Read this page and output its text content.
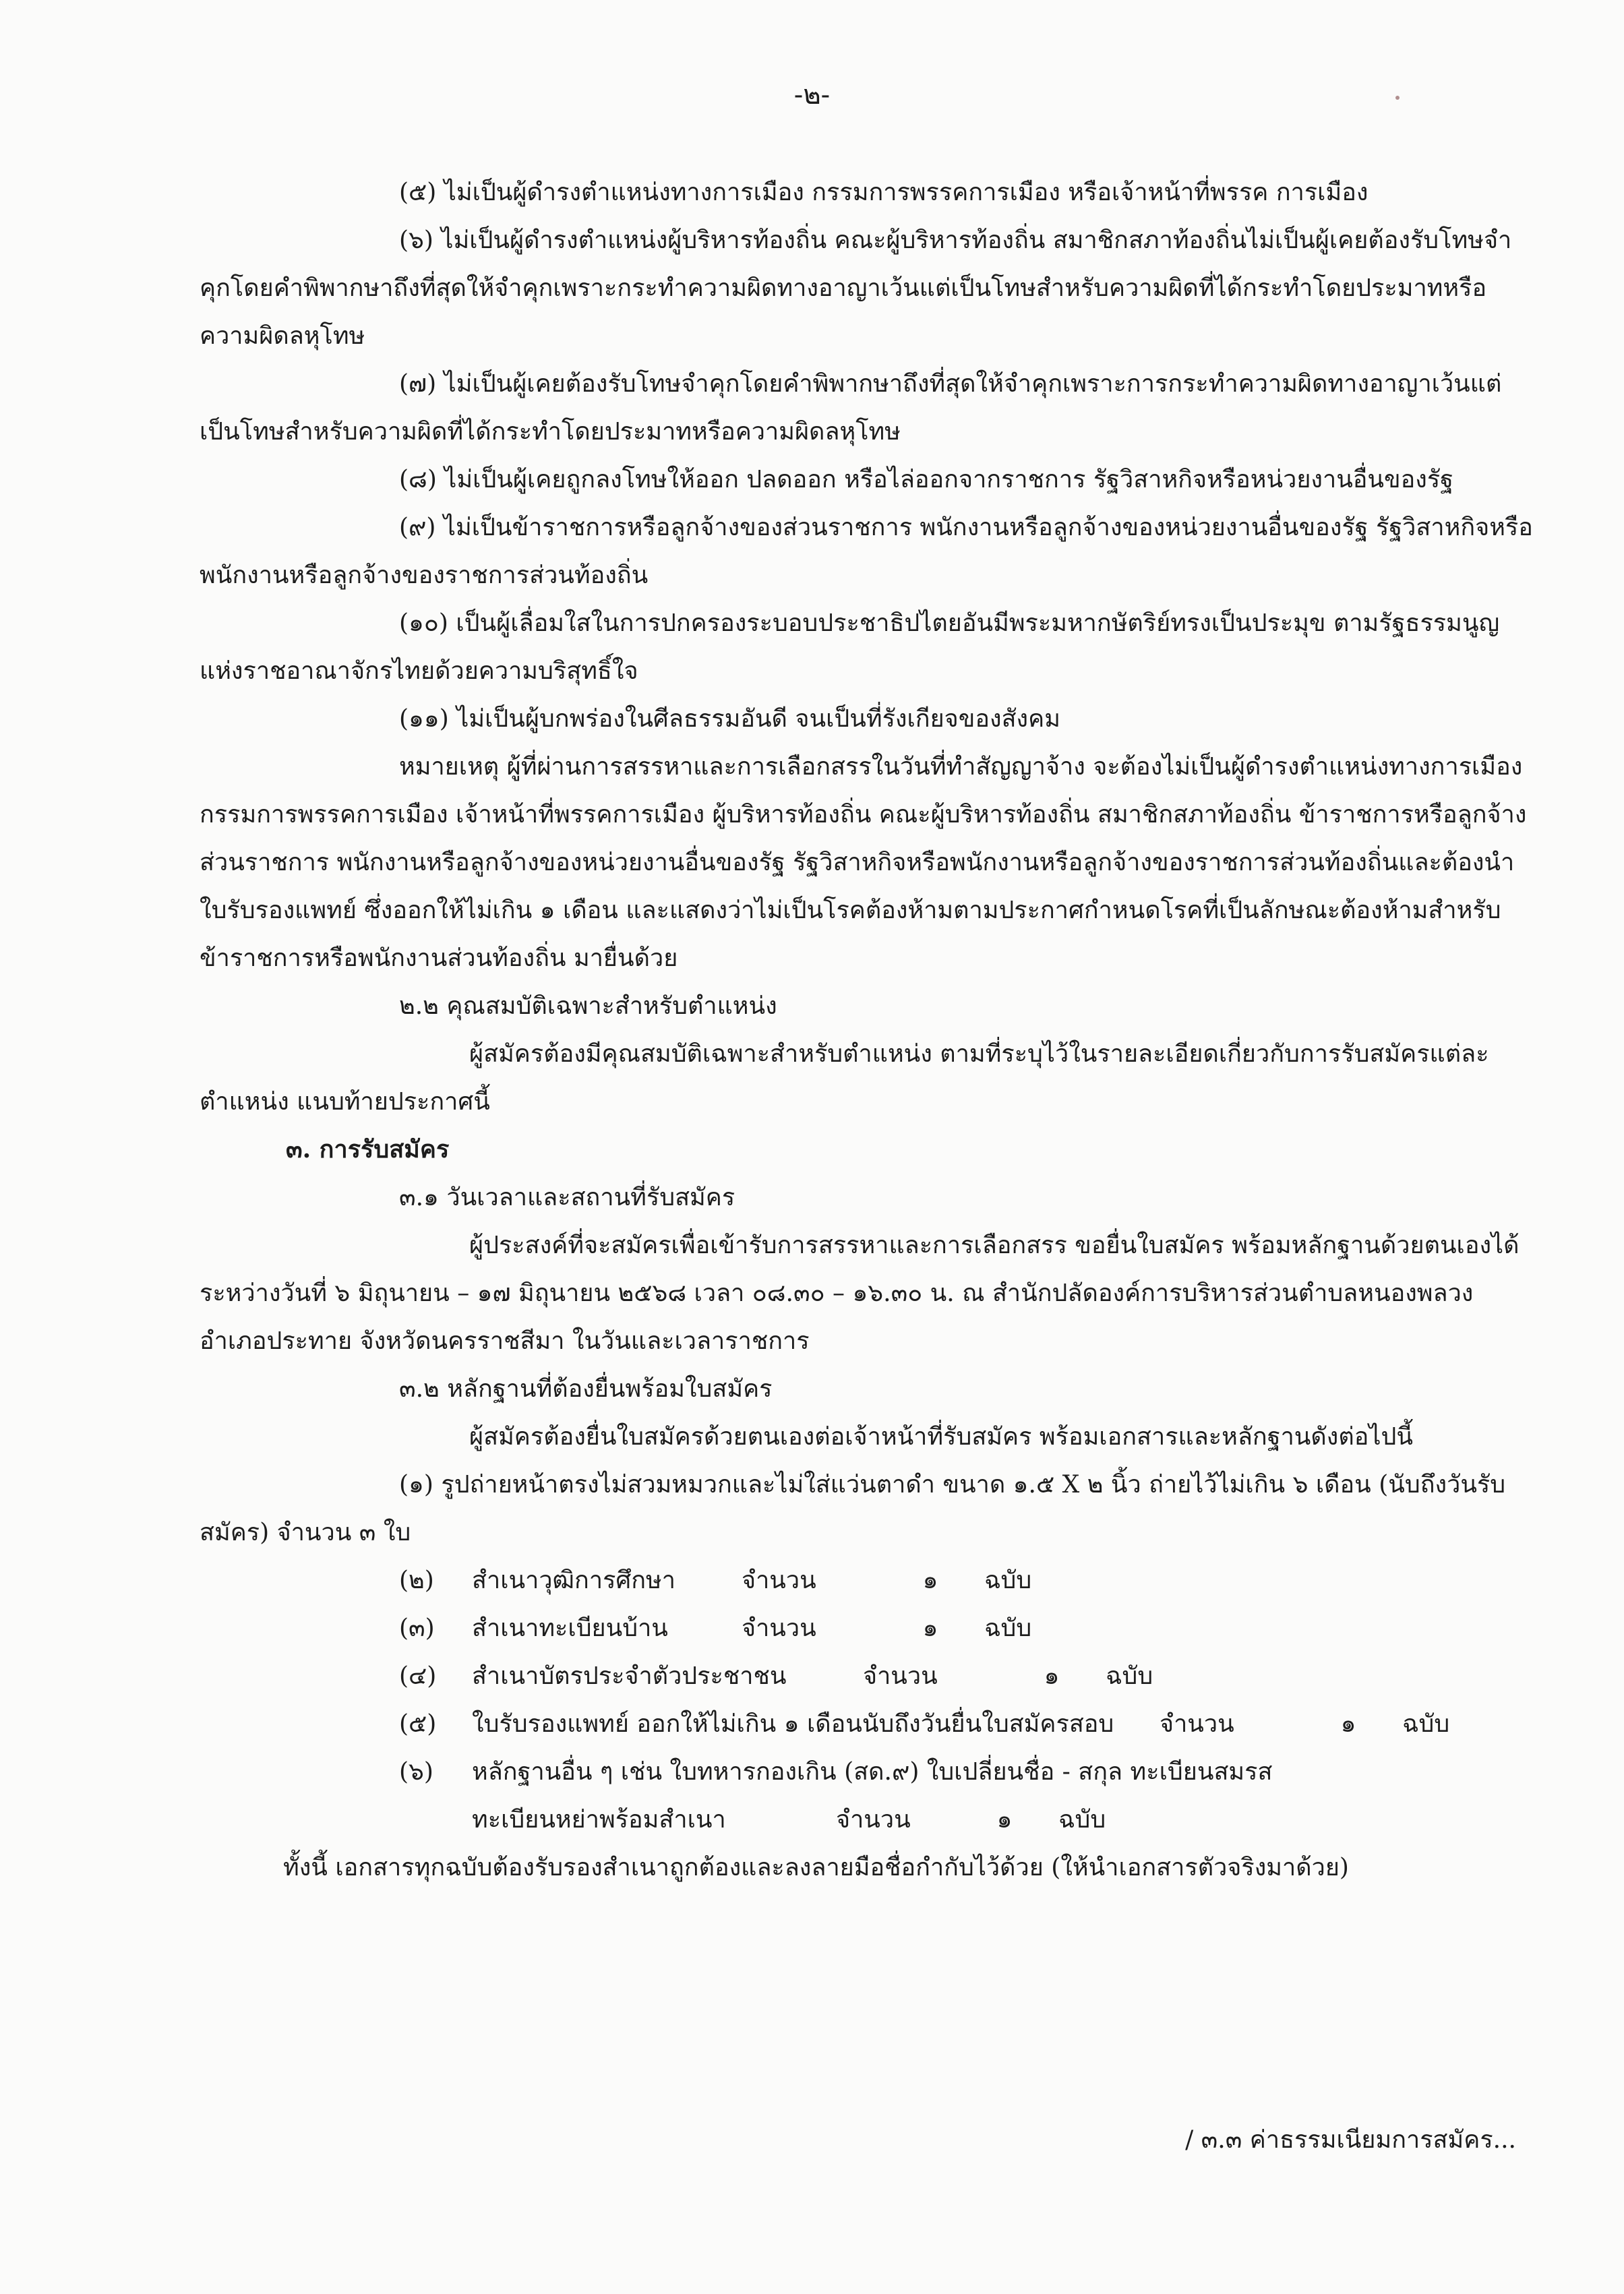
-๒-

(๕) ไม่เป็นผู้ดำรงตำแหน่งทางการเมือง กรรมการพรรคการเมือง หรือเจ้าหน้าที่พรรค การเมือง

(๖) ไม่เป็นผู้ดำรงตำแหน่งผู้บริหารท้องถิ่น คณะผู้บริหารท้องถิ่น สมาชิกสภาท้องถิ่นไม่เป็นผู้เคยต้องรับโทษจำคุกโดยคำพิพากษาถึงที่สุดให้จำคุกเพราะกระทำความผิดทางอาญาเว้นแต่เป็นโทษสำหรับความผิดที่ได้กระทำโดยประมาทหรือความผิดลหุโทษ

(๗) ไม่เป็นผู้เคยต้องรับโทษจำคุกโดยคำพิพากษาถึงที่สุดให้จำคุกเพราะการกระทำความผิดทางอาญาเว้นแต่เป็นโทษสำหรับความผิดที่ได้กระทำโดยประมาทหรือความผิดลหุโทษ

(๘) ไม่เป็นผู้เคยถูกลงโทษให้ออก ปลดออก หรือไล่ออกจากราชการ รัฐวิสาหกิจหรือหน่วยงานอื่นของรัฐ

(๙) ไม่เป็นข้าราชการหรือลูกจ้างของส่วนราชการ พนักงานหรือลูกจ้างของหน่วยงานอื่นของรัฐ รัฐวิสาหกิจหรือพนักงานหรือลูกจ้างของราชการส่วนท้องถิ่น

(๑๐) เป็นผู้เลื่อมใสในการปกครองระบอบประชาธิปไตยอันมีพระมหากษัตริย์ทรงเป็นประมุข ตามรัฐธรรมนูญแห่งราชอาณาจักรไทยด้วยความบริสุทธิ์ใจ

(๑๑) ไม่เป็นผู้บกพร่องในศีลธรรมอันดี จนเป็นที่รังเกียจของสังคม

หมายเหตุ ผู้ที่ผ่านการสรรหาและการเลือกสรรในวันที่ทำสัญญาจ้าง จะต้องไม่เป็นผู้ดำรงตำแหน่งทางการเมือง กรรมการพรรคการเมือง เจ้าหน้าที่พรรคการเมือง ผู้บริหารท้องถิ่น คณะผู้บริหารท้องถิ่น สมาชิกสภาท้องถิ่น ข้าราชการหรือลูกจ้างส่วนราชการ พนักงานหรือลูกจ้างของหน่วยงานอื่นของรัฐ รัฐวิสาหกิจหรือพนักงานหรือลูกจ้างของราชการส่วนท้องถิ่นและต้องนำใบรับรองแพทย์ ซึ่งออกให้ไม่เกิน ๑ เดือน และแสดงว่าไม่เป็นโรคต้องห้ามตามประกาศกำหนดโรคที่เป็นลักษณะต้องห้ามสำหรับข้าราชการหรือพนักงานส่วนท้องถิ่น มายื่นด้วย

๒.๒ คุณสมบัติเฉพาะสำหรับตำแหน่ง

ผู้สมัครต้องมีคุณสมบัติเฉพาะสำหรับตำแหน่ง ตามที่ระบุไว้ในรายละเอียดเกี่ยวกับการรับสมัครแต่ละตำแหน่ง แนบท้ายประกาศนี้

๓. การรับสมัคร

๓.๑ วันเวลาและสถานที่รับสมัคร

ผู้ประสงค์ที่จะสมัครเพื่อเข้ารับการสรรหาและการเลือกสรร ขอยื่นใบสมัคร พร้อมหลักฐานด้วยตนเองได้ระหว่างวันที่ ๖ มิถุนายน – ๑๗ มิถุนายน ๒๕๖๘ เวลา ๐๘.๓๐ – ๑๖.๓๐ น. ณ สำนักปลัดองค์การบริหารส่วนตำบลหนองพลวง อำเภอประทาย จังหวัดนครราชสีมา ในวันและเวลาราชการ

๓.๒ หลักฐานที่ต้องยื่นพร้อมใบสมัคร

ผู้สมัครต้องยื่นใบสมัครด้วยตนเองต่อเจ้าหน้าที่รับสมัคร พร้อมเอกสารและหลักฐานดังต่อไปนี้

(๑) รูปถ่ายหน้าตรงไม่สวมหมวกและไม่ใส่แว่นตาดำ ขนาด ๑.๕ X ๒ นิ้ว ถ่ายไว้ไม่เกิน ๖ เดือน (นับถึงวันรับสมัคร) จำนวน ๓ ใบ

(๒) สำเนาวุฒิการศึกษา	จำนวน	๑ ฉบับ

(๓) สำเนาทะเบียนบ้าน	จำนวน	๑ ฉบับ

(๔) สำเนาบัตรประจำตัวประชาชน	จำนวน	๑ ฉบับ

(๕) ใบรับรองแพทย์ ออกให้ไม่เกิน ๑ เดือนนับถึงวันยื่นใบสมัครสอบ จำนวน	๑ ฉบับ

(๖) หลักฐานอื่น ๆ เช่น ใบทหารกองเกิน (สด.๙) ใบเปลี่ยนชื่อ - สกุล ทะเบียนสมรส

ทะเบียนหย่าพร้อมสำเนา	จำนวน	๑ ฉบับ

ทั้งนี้ เอกสารทุกฉบับต้องรับรองสำเนาถูกต้องและลงลายมือชื่อกำกับไว้ด้วย (ให้นำเอกสารตัวจริงมาด้วย)

/ ๓.๓ ค่าธรรมเนียมการสมัคร...
